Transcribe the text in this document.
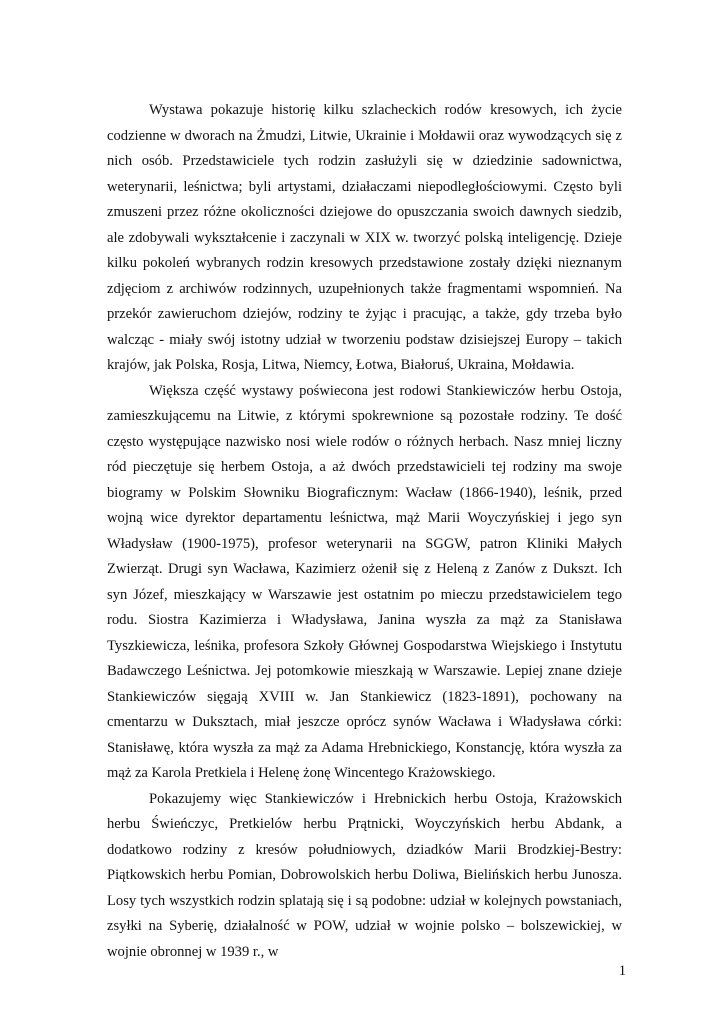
Wystawa pokazuje historię kilku szlacheckich rodów kresowych, ich życie codzienne w dworach na Żmudzi, Litwie, Ukrainie i Mołdawii oraz wywodzących się z nich osób. Przedstawiciele tych rodzin zasłużyli się w dziedzinie sadownictwa, weterynarii, leśnictwa; byli artystami, działaczami niepodległościowymi. Często byli zmuszeni przez różne okoliczności dziejowe do opuszczania swoich dawnych siedzib, ale zdobywali wykształcenie i zaczynali w XIX w. tworzyć polską inteligencję. Dzieje kilku pokoleń wybranych rodzin kresowych przedstawione zostały dzięki nieznanym zdjęciom z archiwów rodzinnych, uzupełnionych także fragmentami wspomnień. Na przekór zawieruchom dziejów, rodziny te żyjąc i pracując, a także, gdy trzeba było walcząc - miały swój istotny udział w tworzeniu podstaw dzisiejszej Europy – takich krajów, jak Polska, Rosja, Litwa, Niemcy, Łotwa, Białoruś, Ukraina, Mołdawia.

Większa część wystawy poświecona jest rodowi Stankiewiczów herbu Ostoja, zamieszkującemu na Litwie, z którymi spokrewnione są pozostałe rodziny. Te dość często występujące nazwisko nosi wiele rodów o różnych herbach. Nasz mniej liczny ród pieczętuje się herbem Ostoja, a aż dwóch przedstawicieli tej rodziny ma swoje biogramy w Polskim Słowniku Biograficznym: Wacław (1866-1940), leśnik, przed wojną wice dyrektor departamentu leśnictwa, mąż Marii Woyczyńskiej i jego syn Władysław (1900-1975), profesor weterynarii na SGGW, patron Kliniki Małych Zwierząt. Drugi syn Wacława, Kazimierz ożenił się z Heleną z Zanów z Dukszt. Ich syn Józef, mieszkający w Warszawie jest ostatnim po mieczu przedstawicielem tego rodu. Siostra Kazimierza i Władysława, Janina wyszła za mąż za Stanisława Tyszkiewicza, leśnika, profesora Szkoły Głównej Gospodarstwa Wiejskiego i Instytutu Badawczego Leśnictwa. Jej potomkowie mieszkają w Warszawie. Lepiej znane dzieje Stankiewiczów sięgają XVIII w. Jan Stankiewicz (1823-1891), pochowany na cmentarzu w Duksztach, miał jeszcze oprócz synów Wacława i Władysława córki: Stanisławę, która wyszła za mąż za Adama Hrebnickiego, Konstancję, która wyszła za mąż za Karola Pretkiela i Helenę żonę Wincentego Krażowskiego.

Pokazujemy więc Stankiewiczów i Hrebnickich herbu Ostoja, Krażowskich herbu Świeńczyc, Pretkielów herbu Prątnicki, Woyczyńskich herbu Abdank, a dodatkowo rodziny z kresów południowych, dziadków Marii Brodzkiej-Bestry: Piątkowskich herbu Pomian, Dobrowolskich herbu Doliwa, Bielińskich herbu Junosza. Losy tych wszystkich rodzin splatają się i są podobne: udział w kolejnych powstaniach, zsyłki na Syberię, działalność w POW, udział w wojnie polsko – bolszewickiej, w wojnie obronnej w 1939 r., w

1
